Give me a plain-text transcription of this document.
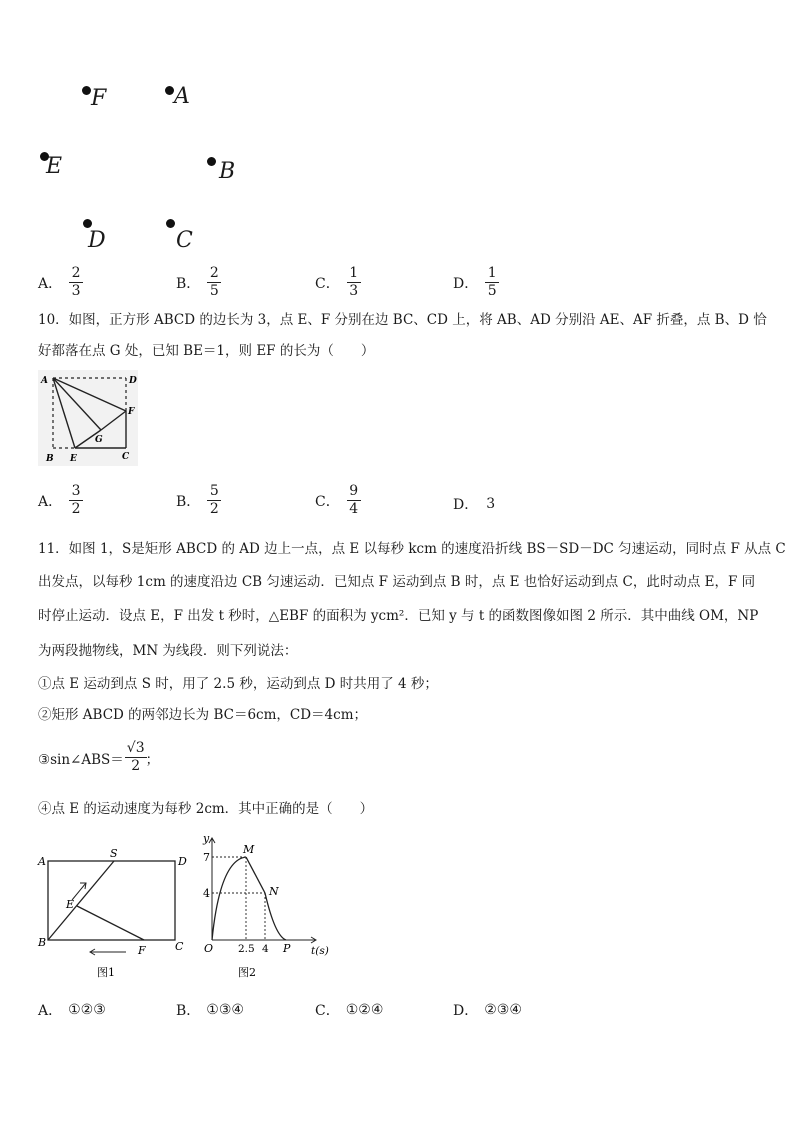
F	A
E	B
D	C
A． $\frac{2}{3}$	B． $\frac{2}{5}$	C． $\frac{1}{3}$	D． $\frac{1}{5}$
10．如图，正方形 ABCD 的边长为 3，点 E、F 分别在边 BC、CD 上，将 AB、AD 分别沿 AE、AF 折叠，点 B、D 恰
好都落在点 G 处，已知 BE＝1，则 EF 的长为（　　）
A	D
F
G
B E	C
A． $\frac{3}{2}$	B． $\frac{5}{2}$	C． $\frac{9}{4}$	D． 3
11．如图 1，S是矩形 ABCD 的 AD 边上一点，点 E 以每秒 kcm 的速度沿折线 BS－SD－DC 匀速运动，同时点 F 从点 C
出发点，以每秒 1cm 的速度沿边 CB 匀速运动．已知点 F 运动到点 B 时，点 E 也恰好运动到点 C，此时动点 E，F 同
时停止运动．设点 E，F 出发 t 秒时，△EBF 的面积为 ycm²．已知 y 与 t 的函数图像如图 2 所示．其中曲线 OM，NP
为两段抛物线，MN 为线段．则下列说法：
①点 E 运动到点 S 时，用了 2.5 秒，运动到点 D 时共用了 4 秒；
②矩形 ABCD 的两邻边长为 BC＝6cm，CD＝4cm；
③sin∠ABS＝ $\frac{√3}{2}$ ；
④点 E 的运动速度为每秒 2cm．其中正确的是（　　）
A
S
D
E
B
F	C
图1
y
7
4
M
N
O 2.5 4 P t(s)
图2
A． ①②③	B． ①③④	C． ①②④	D． ②③④
